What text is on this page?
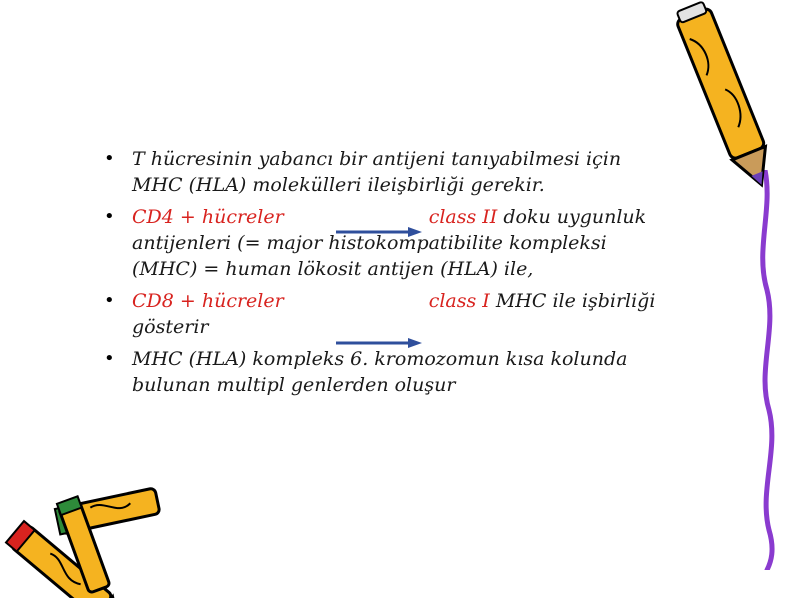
• T hücresinin yabancı bir antijeni tanıyabilmesi için MHC (HLA) molekülleri ileişbirliği gerekir.
• CD4 + hücreler	class II doku uygunluk antijenleri (= major histokompatibilite kompleksi (MHC) = human lökosit antijen (HLA) ile,
• CD8 + hücreler	class I MHC ile işbirliği gösterir
• MHC (HLA) kompleks 6. kromozomun kısa kolunda bulunan multipl genlerden oluşur
